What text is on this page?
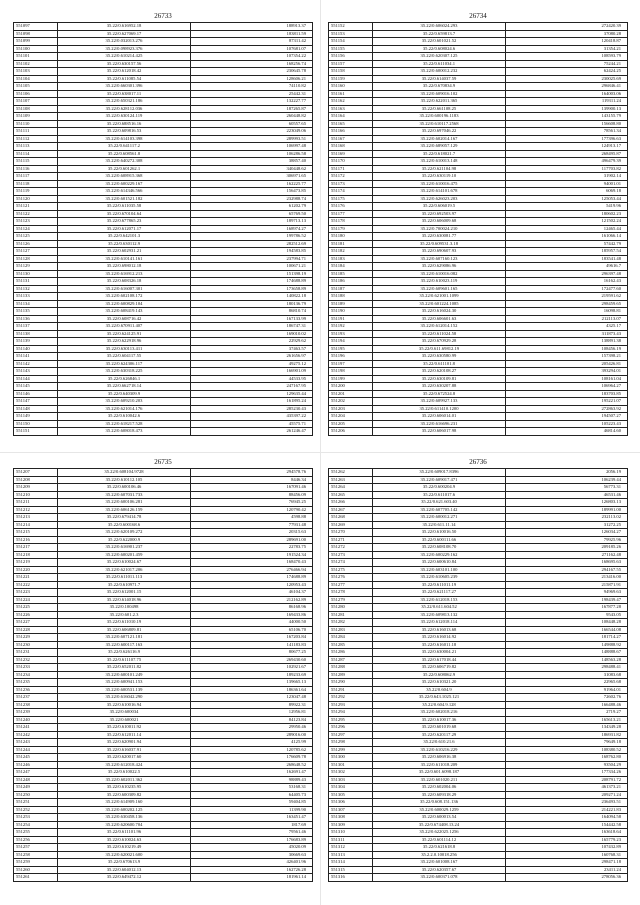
26733
551097	35.22/0.616952.18	188913.37
551098	35.22/0.627069.17	183811.59
551099	35.22/0.032013.276	87311.42
551100	35.22/0.098923.376	107681.07
551101	35.22/0.610214.425	107354.22
551102	35.22/0.630157.56	168256.74
551103	35.22/0.612018.42	230645.78
551104	35.22/0.611085.54	128606.21
551105	35.22/0.660301.396	74110.82
551106	35.22/0.638017.11	25442.31
551107	35.22/0.650321.186	132227.77
551108	35.22/0.628112.036	187265.87
551109	35.22/0.630124.119	260448.82
551110	35.22/0.688516.16	60557.65
551111	35.22/0.609816.53	223049.06
551112	35.22/0.614103.398	289993.51
551113	35.22/0.641117.2	106997.48
551114	35.22/0.608561.8	106286.58
551115	35.22/0.640272.308	38857.40
551116	35.22/0.601262.1	340448.62
551117	35.22/0.608915.368	306971.65
551118	35.22/0.600229.167	162225.77
551119	35.22/0.614346.566	156473.85
551120	35.22/0.601521.182	232988.74
551121	35.22/0.611035.58	61202.79
551122	35.22/0.670104.64	65769.50
551123	35.22/0.677865.23	189713.13
551124	35.22/0.612071.17	168974.27
551125	35.22/0.642101.3	199786.52
551126	35.22/0.630112.9	282512.69
551127	35.22/0.602931.21	194583.85
551128	35.22/0.610141.161	237994.71
551129	35.22/0.698012.18	100671.21
551130	35.22/0.616912.213	151398.19
551131	35.22/0.608326.18	174688.89
551132	35.22/0.616007.301	173658.89
551133	35.22/0.602108.172	140822.18
551134	35.22/0.600829.104	180136.79
551135	35.22/0.608419.143	86810.74
551136	35.22/0.608716.42	167133.99
551137	35.22/0.670911.407	186747.31
551138	35.22/0.624125.91	169010.02
551139	35.22/0.622918.96	22929.62
551140	35.22/0.630113.411	37463.57
551141	35.22/0.604117.55	261656.97
551142	35.22/0.624306.117	49275.12
551143	35.22/0.630318.225	166901.09
551144	35.22/0.626846.1	44533.95
551145	35.22/0.662718.14	247167.95
551146	35.22/0.640309.9	129635.44
551147	35.22/0.609210.203	161895.24
551148	35.22/0.621014.176	285230.43
551149	35.22/0.610042.6	435397.22
551150	35.22/0.618217.528	45575.71
551151	35.22/0.608018.473	261246.47
26734
551152	35.22/0.606024.293	272420.39
551153	35.22/0.659813.7	37080.28
551154	35.22/0.601021.52	120418.87
551155	35.22/0.608024.6	31354.21
551156	35.22/0.620307.125	108593.79
551157	35.22/0.611034.1	75244.21
551158	35.22/0.600012.232	62424.25
551159	35.22/0.614037.59	230025.69
551160	35.22/0.670834.9	296846.41
551161	35.22/0.609016.102	164003.06
551162	35.22/0.622011.365	119311.24
551163	35.22/0.661108.25	139900.13
551164	35.22/0.600196.1183	143155.79
551165	35.22/0.610117.2568	156608.80
551166	35.22/0.697046.22	78561.34
551167	35.22/0.602014.167	177396.63
551168	35.22/0.689057.129	124913.17
551169	35.22/0.618021.7	268495.87
551170	35.22/0.610013.148	496479.39
551171	35.22/0.621104.98	117703.82
551172	35.22/0.630119.10	31902.14
551173	35.22/0.610016.475	94001.01
551174	35.22/0.614101.678	6069.18
551175	35.22/0.626023.203	125053.44
551176	35.22/0.606019.5	5419.96
551177	35.22/0.692503.97	180602.23
551178	35.22/0.606009.68	121502.24
551179	35.22/0.700024.210	12465.44
551180	35.22/0.630081.77	161066.14
551181	35.22/0.609531.3.18	57442.79
551182	35.22/0.690607.93	185957.54
551183	35.22/0.607160.123	183541.48
551184	35.22/0.629086.96	49616.7
551185	35.22/0.610016.082	296397.48
551186	35.22/0.610023.119	16162.43
551187	35.22/0.609601.165	172477.60
551188	35.22/0.621001.1099	219591.62
551189	35.22/0.601224.1085	298459.65
551190	35.22/0.616024.30	16098.81
551191	35.22/0.606601.63	212113.07
551192	35.22/0.612014.152	4325.17
551193	35.22/0.611024.58	311873.43
551194	35.22/0.670929.28	138891.38
551195	35.22/0.611.69812.19	108456.19
551196	35.22/0.630580.99	157398.21
551197	35.22/0.611101.8	205426.81
551198	35.22/0.620108.27	393294.01
551199	35.22/0.630109.81	108161.04
551200	35.22/0.630207.88	106964.27
551201	35.22/0.672524.8	183703.85
551202	35.22/0.609927.133	195221.07
551203	35.22/0.611410.1200	272863.92
551204	35.22/0.606014.01	194507.27
551205	35.22/0.616696.231	105223.43
551206	35.22/0.606017.98	46814.60
26735
551207	35.22/0.608104.9728	294578.76
551208	35.22/0.610112.105	8446.34
551209	35.22/0.600106.46	167091.46
551210	35.22/0.607031.733	88456.09
551211	35.22/0.600106.281	76945.25
551212	35.22/0.606126.159	120790.42
551213	35.22/0.679414.78	4598.88
551214	35.22/0.600168.6	77931.48
551215	35.22/0.620109.272	20315.63
551216	35.22/0.622000.9	289691.00
551217	35.22/0.616901.237	22783.75
551218	35.22/0.600201.459	191524.34
551219	35.22/0.610024.67	168470.43
551220	35.22/0.621017.206	276466.94
551221	35.22/0.611011.113	174688.89
551222	35.22/0.610971.7	120953.43
551223	35.22/0.612001.15	46104.37
551224	35.22/0.614018.96	212162.89
551225	35.22/0.100498	86168.96
551226	35.22/0.601.2.3	169433.86
551227	35.22/0.611010.19	44000.50
551228	35.22/0.606809.81	65106.70
551229	35.22/0.607121.181	167203.84
551230	35.22/0.600117.163	141183.83
551231	35.22/0.626116.9	80677.25
551232	35.22/0.611107.75	269430.60
551233	35.22/0.652011.82	102921.67
551234	35.22/0.600101.249	189233.69
551235	35.22/0.600941.153	139665.13
551236	35.22/0.600531.139	186361.64
551237	35.22/0.616042.290	123047.48
551238	35.22/0.610016.94	89922.31
551239	35.22/0.600034	12956.81
551240	35.22/0.600021	84123.84
551241	35.22/0.610011.92	29950.46
551242	35.22/0.612011.14	289016.00
551243	35.22/0.620901.94	4125.99
551244	35.22/0.616037.91	120785.62
551245	35.22/0.620017.60	176609.78
551246	35.22/0.612018.424	268648.52
551247	35.22/0.610022.5	162691.47
551248	35.22/0.602011.362	98889.43
551249	35.22/0.610235.95	53168.31
551250	35.22/0.600309.82	64405.73
551251	35.22/0.614909.160	59404.85
551252	35.22/0.600202.125	11399.90
551253	35.22/0.630458.136	163451.47
551254	35.22/0.620600.704	1817.69
551255	35.22/0.611101.96	79561.46
551256	35.22/0.610024.63	176683.89
551257	35.22/0.610219.49	45020.09
551258	35.22/0.620021.600	30669.63
551259	35.22/0.670613.9	426401.96
551260	35.22/0.604012.13	162726.28
551261	35.22/0.649472.12	181961.14
26736
551262	35.22/0.609017.8396	2056.19
551263	35.22/0.609017.471	106239.44
551264	35.22/0.600204.9	56773.31
551265	35.22/0.611017.6	46531.46
551266	35.22/0.621.603.40	126803.13
551267	35.22/0.607705.142	189991.00
551268	35.22/0.600012.271	232113.02
551269	35.22/0.611.11.14	31272.25
551270	35.22/0.610016.50	126034.27
551271	35.22/0.600111.66	79925.96
551272	35.22/0.608108.70	209185.26
551273	35.22/0.600229.162	271162.48
551274	35.22/0.600610.84	168695.63
551275	35.22/0.603101.100	294167.55
551276	35.22/0.610605.239	213416.00
551277	35.22/0.611011.19	215871.91
551278	35.22/0.621117.27	94969.63
551279	35.22/0.612018.153	198439.47
551280	35.22/0.611.604.52	167877.28
551281	35.22/0.609813.132	9543.05
551282	35.22/0.612018.114	108448.28
551283	35.22/0.616013.68	166544.08
551284	35.22/0.616014.92	181714.27
551285	35.22/0.616011.18	149888.92
551286	35.22/0.630004.21	148888.67
551287	35.22/0.617018.44	148563.28
551288	35.22/0.606719.82	298488.41
551289	35.22/0.608062.9	31083.68
551290	35.22/0.610321.20	22965.68
551291	35.22/0.604.9	91964.01
551292	35.22/0.643.1025.121	72602.76
551293	35.22/0.604.9.128	166488.46
551294	35.22/0.602018.216	2719.27
551295	35.22/0.610017.36	165613.21
551296	35.22/0.601019.68	134349.28
551297	35.22/0.620117.29	186931.82
551298	35.22/0.610.21.6	79649.18
551299	35.22/0.610216.229	108380.52
551300	35.22/0.606916.38	168762.80
551301	35.22/0.611018.209	93504.29
551302	35.22/0.601.6098.187	177334.26
551303	35.22/0.601020.211	208791.72
551304	35.22/0.602004.06	461373.21
551305	35.22/0.609318.29	209271.24
551306	35.22/0.608.151.136	236493.51
551307	35.22/0.600029.1259	214221.83
551308	35.22/0.600013.54	164094.58
551309	35.22/0.674408.13.24	154442.58
551310	35.22/0.622025.1256	163618.64
551311	35.22/0.601114.12	165779.23
551312	35.22/0.621618.8	107432.89
551313	35.2.2.0.10018.256	160768.31
551314	35.22/0.601008.167	298471.18
551315	35.22/0.620357.67	23411.24
551316	35.22/0.600371.078	278056.36
